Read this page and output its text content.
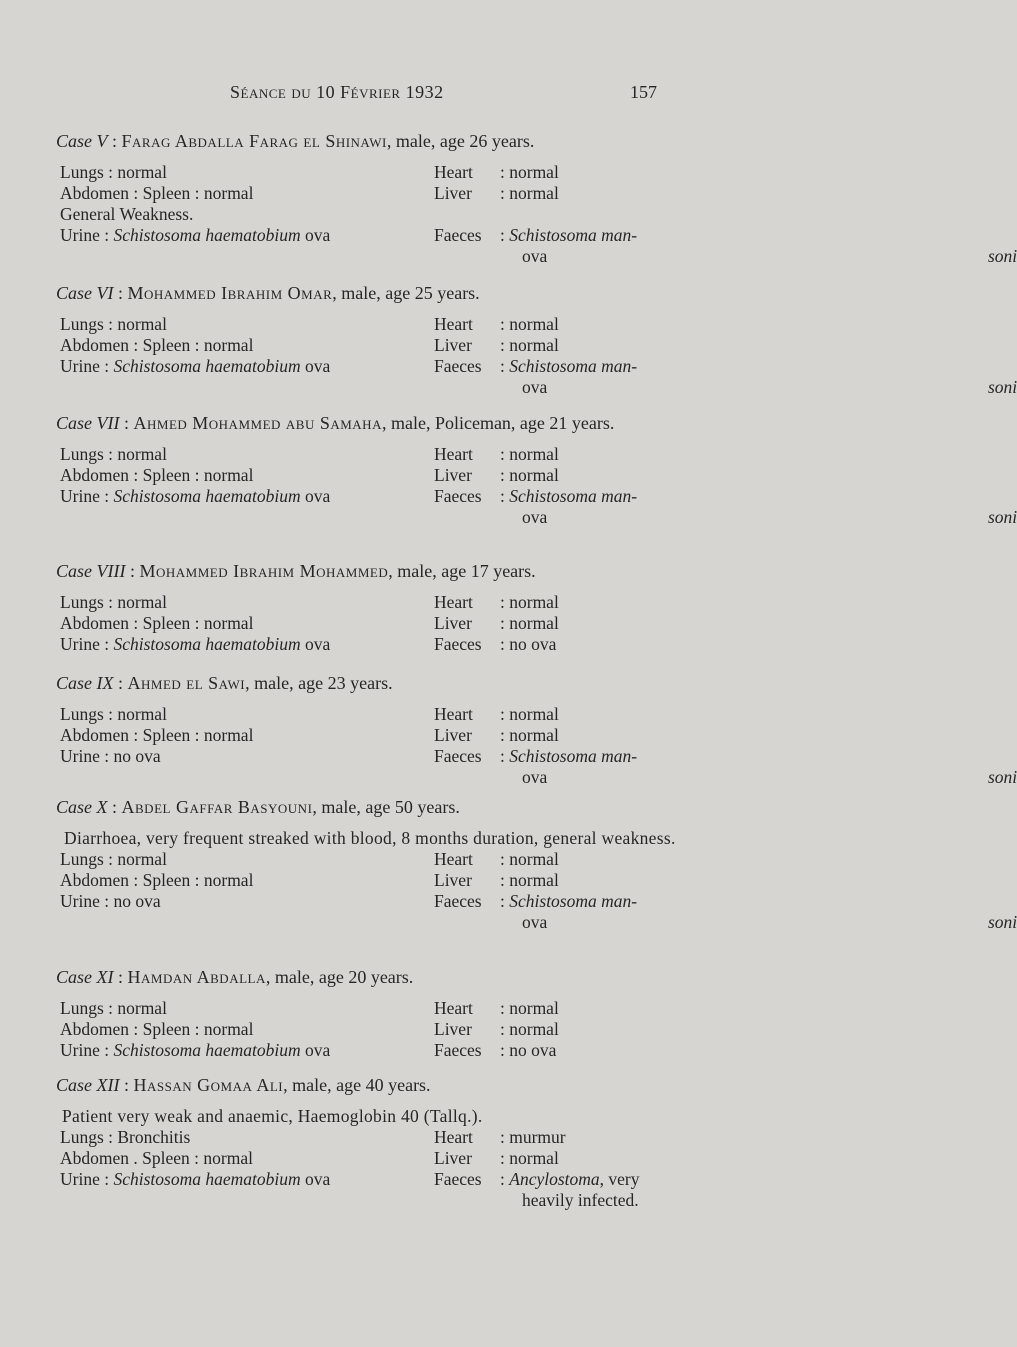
Séance du 10 Février 1932	157
Case V : Farag Abdalla Farag el Shinawi, male, age 26 years.
Lungs : normal	Heart : normal
Abdomen : Spleen : normal	Liver : normal
General Weakness.
Urine : Schistosoma haematobium ova	Faeces : Schistosoma man-
soni
ova
Case VI : Mohammed Ibrahim Omar, male, age 25 years.
Lungs : normal	Heart : normal
Abdomen : Spleen : normal	Liver : normal
Urine : Schistosoma haematobium ova	Faeces : Schistosoma man-
soni
ova
Case VII : Ahmed Mohammed abu Samaha, male, Policeman, age 21 years.
Lungs : normal	Heart : normal
Abdomen : Spleen : normal	Liver : normal
Urine : Schistosoma haematobium ova	Faeces : Schistosoma man-
soni
ova
Case VIII : Mohammed Ibrahim Mohammed, male, age 17 years.
Lungs : normal	Heart : normal
Abdomen : Spleen : normal	Liver : normal
Urine : Schistosoma haematobium ova	Faeces : no ova
Case IX : Ahmed el Sawi, male, age 23 years.
Lungs : normal	Heart : normal
Abdomen : Spleen : normal	Liver : normal
Urine : no ova	Faeces : Schistosoma man-
soni
ova
Case X : Abdel Gaffar Basyouni, male, age 50 years.
Diarrhoea, very frequent streaked with blood, 8 months duration, general weakness.
Lungs : normal	Heart : normal
Abdomen : Spleen : normal	Liver : normal
Urine : no ova	Faeces : Schistosoma man-
soni
ova
Case XI : Hamdan Abdalla, male, age 20 years.
Lungs : normal	Heart : normal
Abdomen : Spleen : normal	Liver : normal
Urine : Schistosoma haematobium ova	Faeces : no ova
Case XII : Hassan Gomaa Ali, male, age 40 years.
Patient very weak and anaemic, Haemoglobin 40 (Tallq.).
Lungs : Bronchitis	Heart : murmur
Abdomen . Spleen : normal	Liver : normal
Urine : Schistosoma haematobium ova	Faeces : Ancylostoma, very
heavily infected.
